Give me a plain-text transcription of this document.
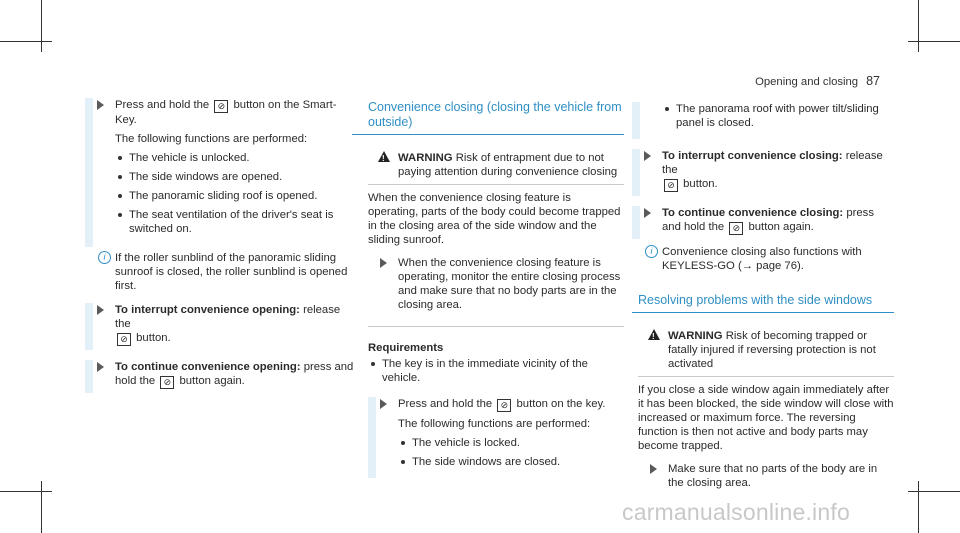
Opening and closing 87
Press and hold the ⊘ button on the Smart-Key.
The following functions are performed:
The vehicle is unlocked.
The side windows are opened.
The panoramic sliding roof is opened.
The seat ventilation of the driver's seat is switched on.
i If the roller sunblind of the panoramic sliding sunroof is closed, the roller sunblind is opened first.
To interrupt convenience opening: release the
⊘ button.
To continue convenience opening: press and hold the ⊘ button again.
Convenience closing (closing the vehicle from outside)
!
WARNING Risk of entrapment due to not paying attention during convenience closing
When the convenience closing feature is operating, parts of the body could become trapped in the closing area of the side window and the sliding sunroof.
When the convenience closing feature is operating, monitor the entire closing process and make sure that no body parts are in the closing area.
Requirements
The key is in the immediate vicinity of the vehicle.
Press and hold the ⊘ button on the key.
The following functions are performed:
The vehicle is locked.
The side windows are closed.
The panorama roof with power tilt/sliding panel is closed.
To interrupt convenience closing: release the
⊘ button.
To continue convenience closing: press and hold the ⊘ button again.
i Convenience closing also functions with KEYLESS-GO (→ page 76).
Resolving problems with the side windows
!
WARNING Risk of becoming trapped or fatally injured if reversing protection is not activated
If you close a side window again immediately after it has been blocked, the side window will close with increased or maximum force. The reversing function is then not active and body parts may become trapped.
Make sure that no parts of the body are in the closing area.
carmanualsonline.info
